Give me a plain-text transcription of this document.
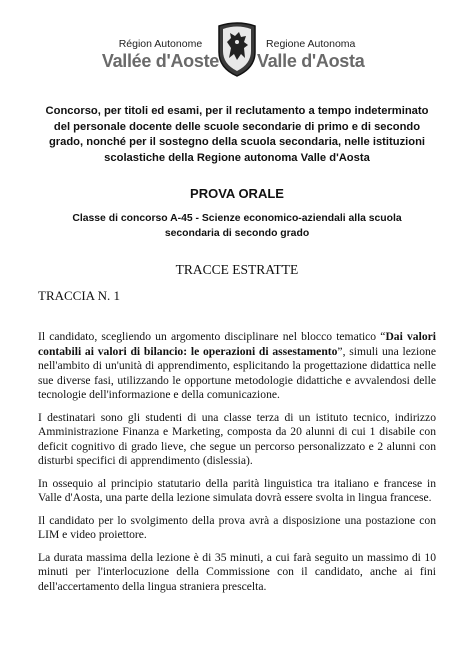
Région Autonome
Vallée d'Aoste
Regione Autonoma
Valle d'Aosta
Concorso, per titoli ed esami, per il reclutamento a tempo indeterminato del personale docente delle scuole secondarie di primo e di secondo grado, nonché per il sostegno della scuola secondaria, nelle istituzioni scolastiche della Regione autonoma Valle d'Aosta
PROVA ORALE
Classe di concorso A-45 - Scienze economico-aziendali alla scuola secondaria di secondo grado
TRACCE ESTRATTE
TRACCIA N. 1

Il candidato, scegliendo un argomento disciplinare nel blocco tematico “Dai valori contabili ai valori di bilancio: le operazioni di assestamento”, simuli una lezione nell'ambito di un'unità di apprendimento, esplicitando la progettazione didattica nelle sue diverse fasi, utilizzando le opportune metodologie didattiche e avvalendosi delle tecnologie dell'informazione e della comunicazione.

I destinatari sono gli studenti di una classe terza di un istituto tecnico, indirizzo Amministrazione Finanza e Marketing, composta da 20 alunni di cui 1 disabile con deficit cognitivo di grado lieve, che segue un percorso personalizzato e 2 alunni con disturbi specifici di apprendimento (dislessia).

In ossequio al principio statutario della parità linguistica tra italiano e francese in Valle d'Aosta, una parte della lezione simulata dovrà essere svolta in lingua francese.

Il candidato per lo svolgimento della prova avrà a disposizione una postazione con LIM e video proiettore.

La durata massima della lezione è di 35 minuti, a cui farà seguito un massimo di 10 minuti per l'interlocuzione della Commissione con il candidato, anche ai fini dell'accertamento della lingua straniera prescelta.
